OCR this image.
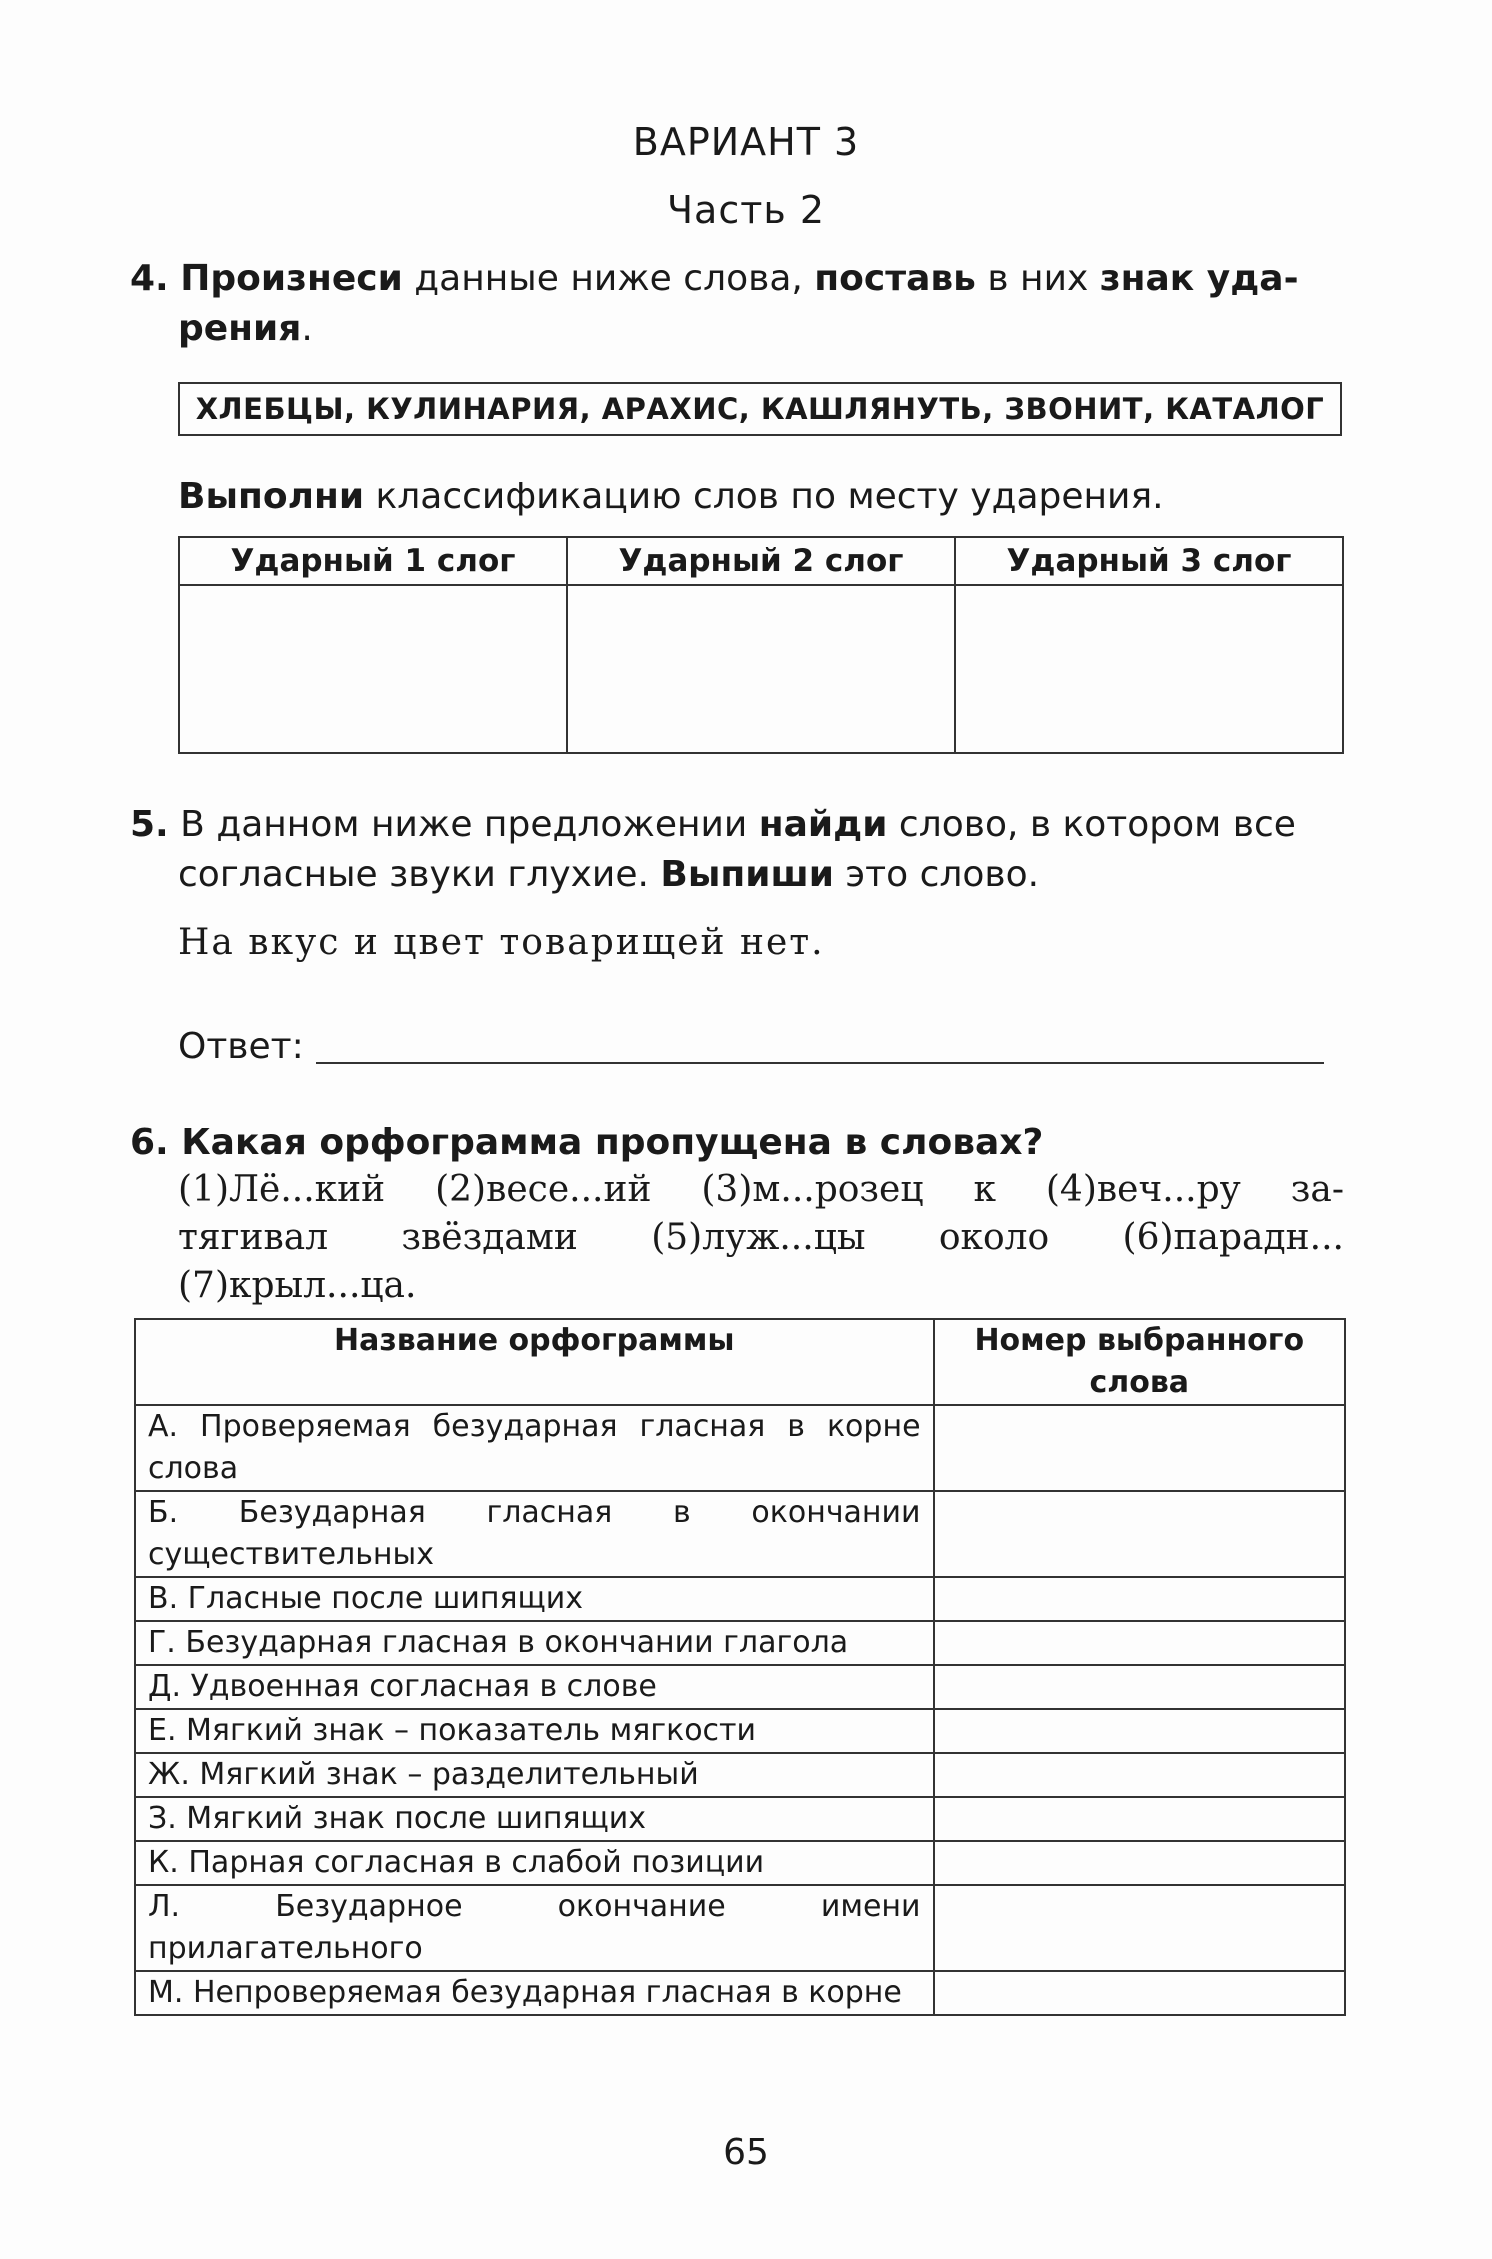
ВАРИАНТ 3
Часть 2
4. Произнеси данные ниже слова, поставь в них знак уда-
рения.
ХЛЕБЦЫ, КУЛИНАРИЯ, АРАХИС, КАШЛЯНУТЬ, ЗВОНИТ, КАТАЛОГ
Выполни классификацию слов по месту ударения.
Ударный 1 слог	Ударный 2 слог	Ударный 3 слог

5. В данном ниже предложении найди слово, в котором все
согласные звуки глухие. Выпиши это слово.
На вкус и цвет товарищей нет.
Ответ:
6. Какая орфограмма пропущена в словах?
(1)Лё...кий (2)весе...ий (3)м...розец к (4)веч...ру за-
тягивал звёздами (5)луж...цы около (6)парадн...
(7)крыл...ца.
Название орфограммы	Номер выбранного слова
А. Проверяемая безударная гласная в корне слова	
Б. Безударная гласная в окончании существительных	
В. Гласные после шипящих	
Г. Безударная гласная в окончании глагола	
Д. Удвоенная согласная в слове	
Е. Мягкий знак – показатель мягкости	
Ж. Мягкий знак – разделительный	
З. Мягкий знак после шипящих	
К. Парная согласная в слабой позиции	
Л. Безударное окончание имени прилагательного	
М. Непроверяемая безударная гласная в корне	
65
